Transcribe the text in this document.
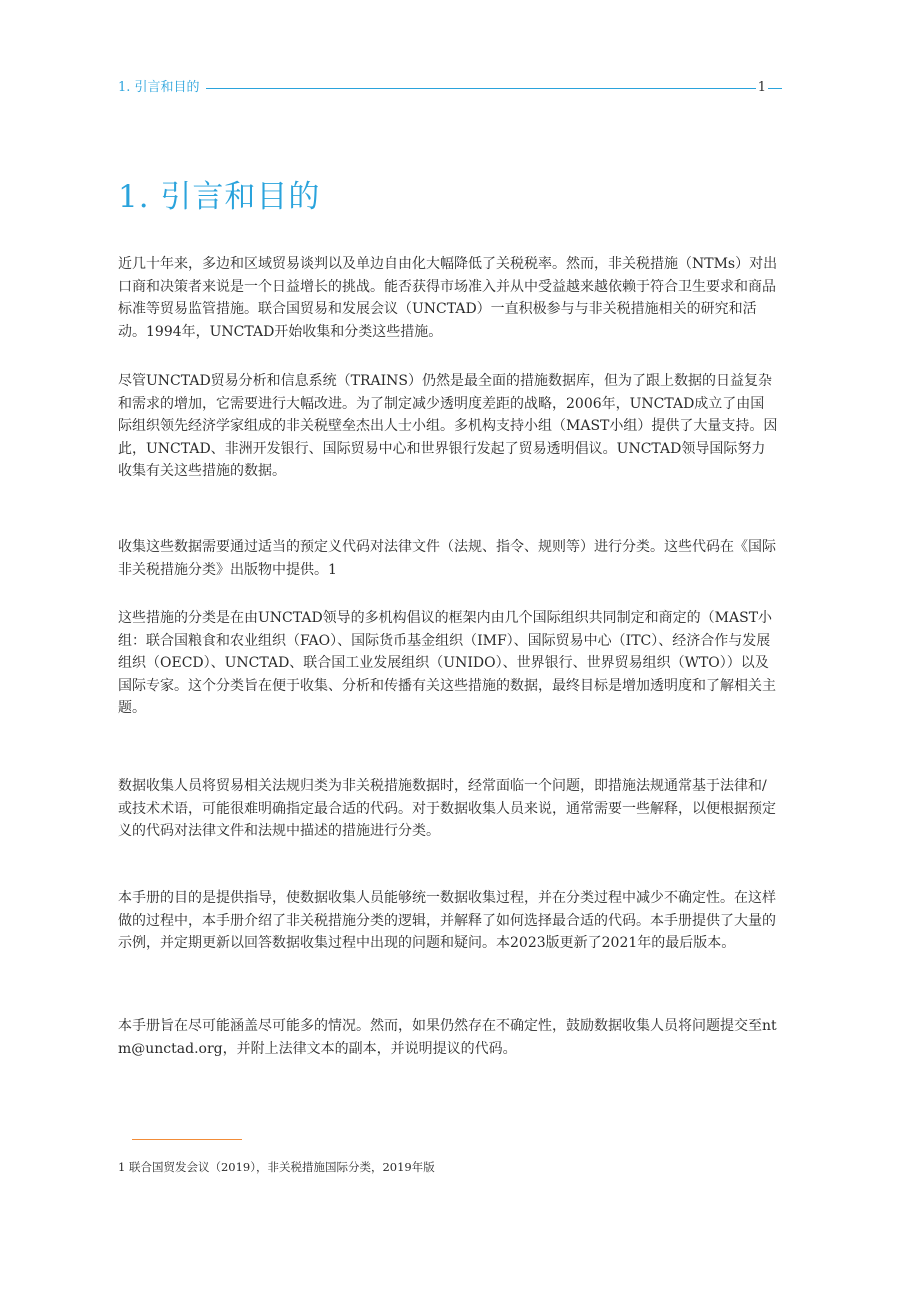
1. 引言和目的	1
1. 引言和目的

近几十年来，多边和区域贸易谈判以及单边自由化大幅降低了关税税率。然而，非关税措施（NTMs）对出口商和决策者来说是一个日益增长的挑战。能否获得市场准入并从中受益越来越依赖于符合卫生要求和商品标准等贸易监管措施。联合国贸易和发展会议（UNCTAD）一直积极参与与非关税措施相关的研究和活动。1994年，UNCTAD开始收集和分类这些措施。

尽管UNCTAD贸易分析和信息系统（TRAINS）仍然是最全面的措施数据库，但为了跟上数据的日益复杂和需求的增加，它需要进行大幅改进。为了制定减少透明度差距的战略，2006年，UNCTAD成立了由国际组织领先经济学家组成的非关税壁垒杰出人士小组。多机构支持小组（MAST小组）提供了大量支持。因此，UNCTAD、非洲开发银行、国际贸易中心和世界银行发起了贸易透明倡议。UNCTAD领导国际努力收集有关这些措施的数据。

收集这些数据需要通过适当的预定义代码对法律文件（法规、指令、规则等）进行分类。这些代码在《国际非关税措施分类》出版物中提供。1

这些措施的分类是在由UNCTAD领导的多机构倡议的框架内由几个国际组织共同制定和商定的（MAST小组：联合国粮食和农业组织（FAO）、国际货币基金组织（IMF）、国际贸易中心（ITC）、经济合作与发展组织（OECD）、UNCTAD、联合国工业发展组织（UNIDO）、世界银行、世界贸易组织（WTO））以及国际专家。这个分类旨在便于收集、分析和传播有关这些措施的数据，最终目标是增加透明度和了解相关主题。

数据收集人员将贸易相关法规归类为非关税措施数据时，经常面临一个问题，即措施法规通常基于法律和/或技术术语，可能很难明确指定最合适的代码。对于数据收集人员来说，通常需要一些解释，以便根据预定义的代码对法律文件和法规中描述的措施进行分类。

本手册的目的是提供指导，使数据收集人员能够统一数据收集过程，并在分类过程中减少不确定性。在这样做的过程中，本手册介绍了非关税措施分类的逻辑，并解释了如何选择最合适的代码。本手册提供了大量的示例，并定期更新以回答数据收集过程中出现的问题和疑问。本2023版更新了2021年的最后版本。

本手册旨在尽可能涵盖尽可能多的情况。然而，如果仍然存在不确定性，鼓励数据收集人员将问题提交至ntm@unctad.org，并附上法律文本的副本，并说明提议的代码。

1 联合国贸发会议（2019），非关税措施国际分类，2019年版
